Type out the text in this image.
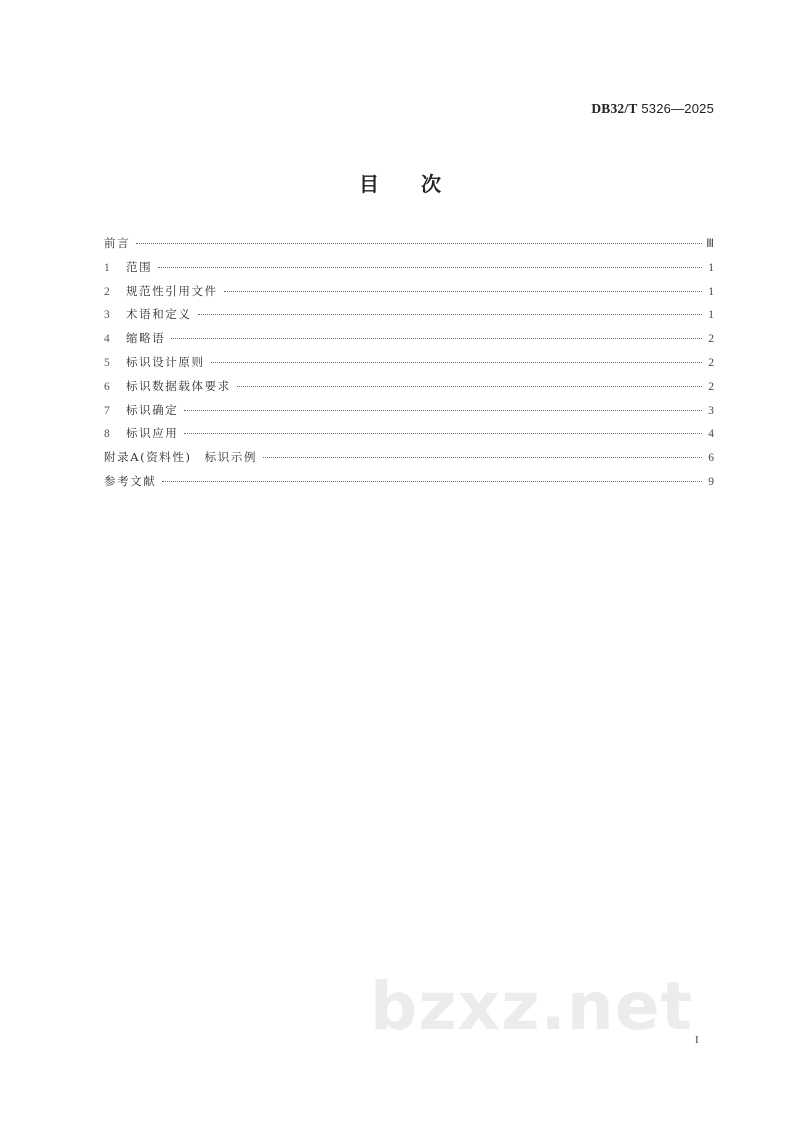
DB32/T 5326—2025
目次
前言	Ⅲ
1	范围	1
2	规范性引用文件	1
3	术语和定义	1
4	缩略语	2
5	标识设计原则	2
6	标识数据载体要求	2
7	标识确定	3
8	标识应用	4
附录A(资料性)　标识示例	6
参考文献	9
bzxz.net I
